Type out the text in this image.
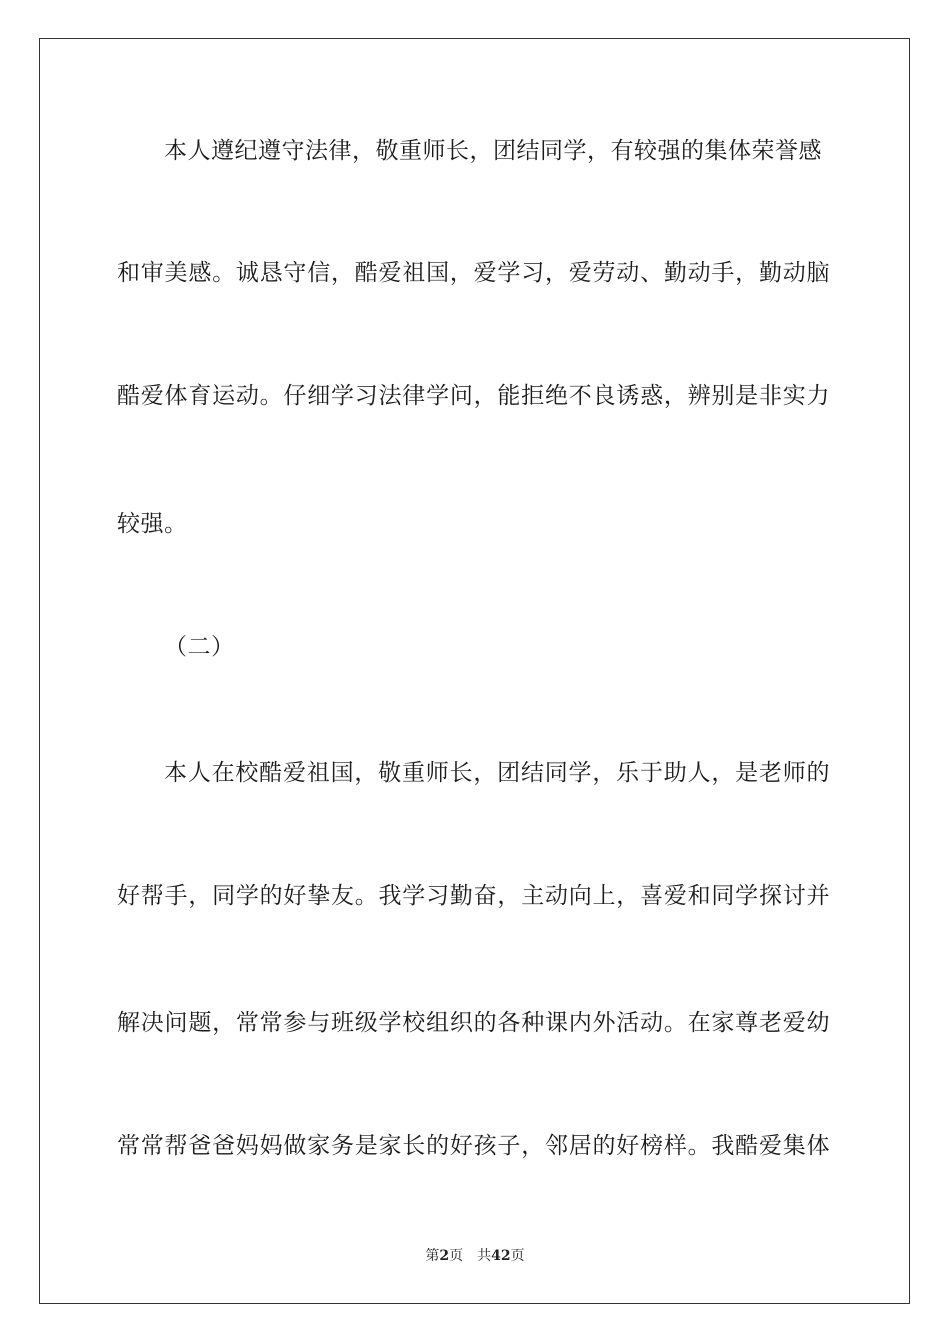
本人遵纪遵守法律，敬重师长，团结同学，有较强的集体荣誉感
和审美感。诚恳守信，酷爱祖国，爱学习，爱劳动、勤动手，勤动脑
酷爱体育运动。仔细学习法律学问，能拒绝不良诱惑，辨别是非实力
较强。
（二）
本人在校酷爱祖国，敬重师长，团结同学，乐于助人，是老师的
好帮手，同学的好挚友。我学习勤奋，主动向上，喜爱和同学探讨并
解决问题，常常参与班级学校组织的各种课内外活动。在家尊老爱幼
常常帮爸爸妈妈做家务是家长的好孩子，邻居的好榜样。我酷爱集体
第2页 共42页
